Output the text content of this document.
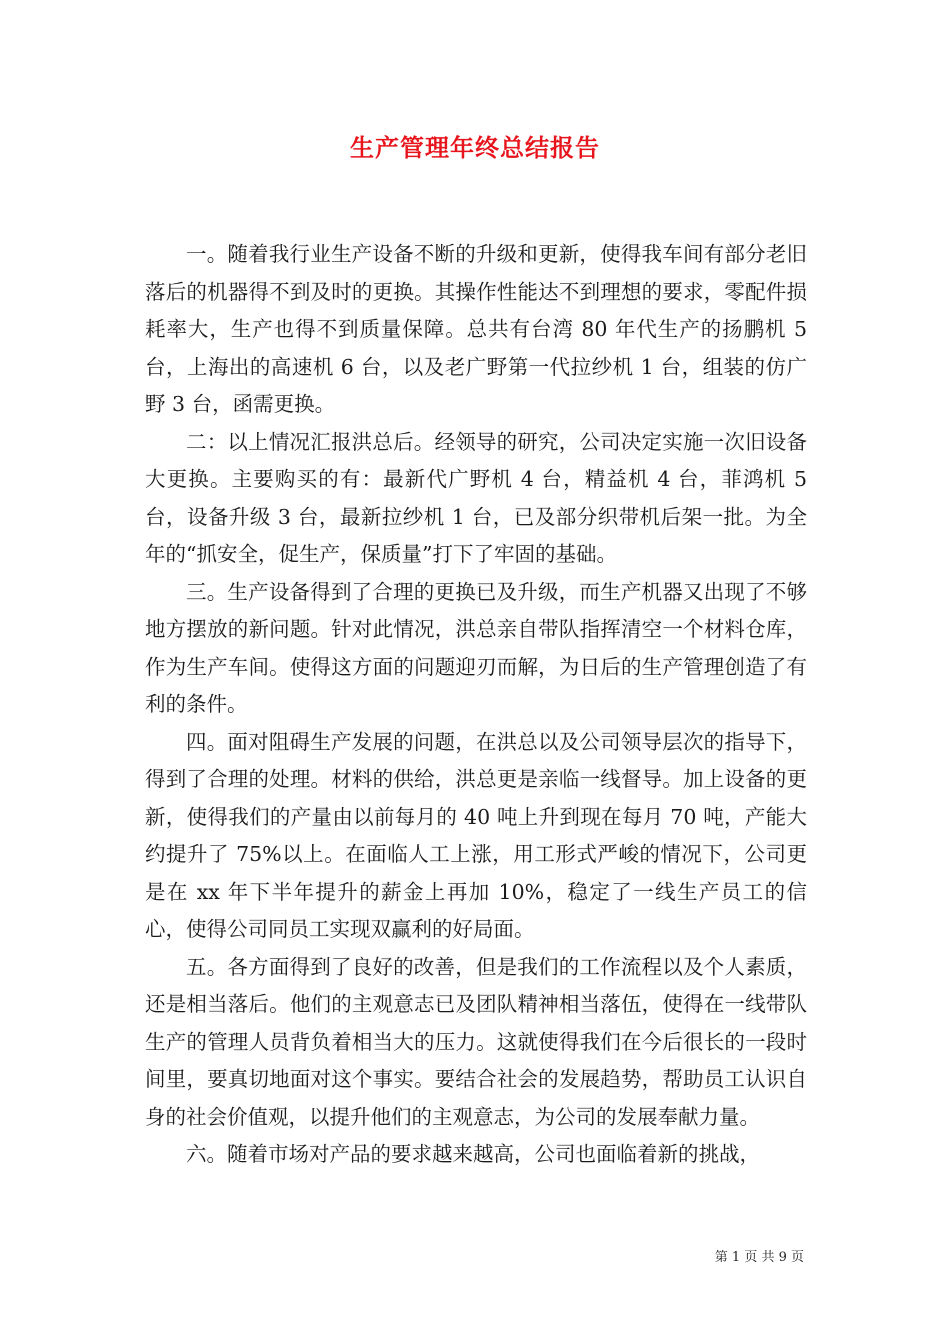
生产管理年终总结报告

一。随着我行业生产设备不断的升级和更新，使得我车间有部分老旧落后的机器得不到及时的更换。其操作性能达不到理想的要求，零配件损耗率大，生产也得不到质量保障。总共有台湾 80 年代生产的扬鹏机 5 台，上海出的高速机 6 台，以及老广野第一代拉纱机 1 台，组装的仿广野 3 台，函需更换。

二：以上情况汇报洪总后。经领导的研究，公司决定实施一次旧设备大更换。主要购买的有：最新代广野机 4 台，精益机 4 台，菲鸿机 5 台，设备升级 3 台，最新拉纱机 1 台，已及部分织带机后架一批。为全年的“抓安全，促生产，保质量”打下了牢固的基础。

三。生产设备得到了合理的更换已及升级，而生产机器又出现了不够地方摆放的新问题。针对此情况，洪总亲自带队指挥清空一个材料仓库，作为生产车间。使得这方面的问题迎刃而解，为日后的生产管理创造了有利的条件。

四。面对阻碍生产发展的问题，在洪总以及公司领导层次的指导下，得到了合理的处理。材料的供给，洪总更是亲临一线督导。加上设备的更新，使得我们的产量由以前每月的 40 吨上升到现在每月 70 吨，产能大约提升了 75%以上。在面临人工上涨，用工形式严峻的情况下，公司更是在 xx 年下半年提升的薪金上再加 10%，稳定了一线生产员工的信心，使得公司同员工实现双赢利的好局面。

五。各方面得到了良好的改善，但是我们的工作流程以及个人素质，还是相当落后。他们的主观意志已及团队精神相当落伍，使得在一线带队生产的管理人员背负着相当大的压力。这就使得我们在今后很长的一段时间里，要真切地面对这个事实。要结合社会的发展趋势，帮助员工认识自身的社会价值观，以提升他们的主观意志，为公司的发展奉献力量。

六。随着市场对产品的要求越来越高，公司也面临着新的挑战，

第 1 页 共 9 页
